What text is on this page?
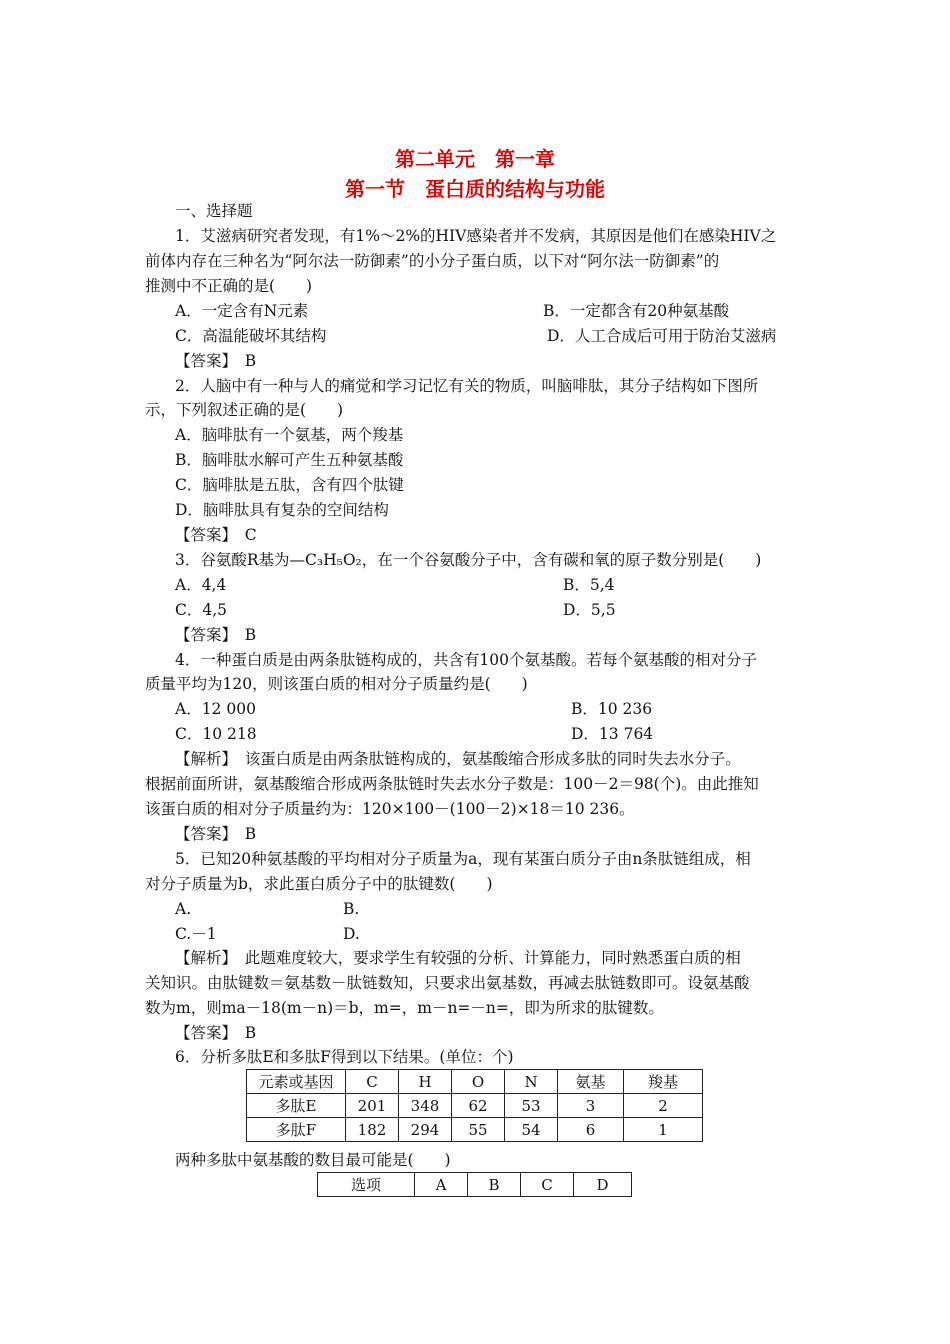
第二单元　第一章
第一节　蛋白质的结构与功能
一、选择题
1．艾滋病研究者发现，有1%～2%的HIV感染者并不发病，其原因是他们在感染HIV之
前体内存在三种名为“阿尔法一防御素”的小分子蛋白质，以下对“阿尔法一防御素”的
推测中不正确的是(　　)
A．一定含有N元素	B．一定都含有20种氨基酸
C．高温能破坏其结构	D．人工合成后可用于防治艾滋病
【答案】　B
2．人脑中有一种与人的痛觉和学习记忆有关的物质，叫脑啡肽，其分子结构如下图所
示，下列叙述正确的是(　　)
A．脑啡肽有一个氨基，两个羧基
B．脑啡肽水解可产生五种氨基酸
C．脑啡肽是五肽，含有四个肽键
D．脑啡肽具有复杂的空间结构
【答案】　C
3．谷氨酸R基为—C₃H₅O₂，在一个谷氨酸分子中，含有碳和氧的原子数分别是(　　)
A．4,4	B．5,4
C．4,5	D．5,5
【答案】　B
4．一种蛋白质是由两条肽链构成的，共含有100个氨基酸。若每个氨基酸的相对分子
质量平均为120，则该蛋白质的相对分子质量约是(　　)
A．12 000	B．10 236
C．10 218	D．13 764
【解析】　该蛋白质是由两条肽链构成的，氨基酸缩合形成多肽的同时失去水分子。
根据前面所讲，氨基酸缩合形成两条肽链时失去水分子数是：100－2＝98(个)。由此推知
该蛋白质的相对分子质量约为：120×100－(100－2)×18＝10 236。
【答案】　B
5．已知20种氨基酸的平均相对分子质量为a，现有某蛋白质分子由n条肽链组成，相
对分子质量为b，求此蛋白质分子中的肽键数(　　)
A.	B.
C.－1	D.
【解析】　此题难度较大，要求学生有较强的分析、计算能力，同时熟悉蛋白质的相
关知识。由肽键数＝氨基数－肽链数知，只要求出氨基数，再减去肽链数即可。设氨基酸
数为m，则ma－18(m－n)＝b，m=，m－n=－n=，即为所求的肽键数。
【答案】　B
6．分析多肽E和多肽F得到以下结果。(单位：个)
元素或基因	C	H	O	N	氨基	羧基
多肽E	201	348	62	53	3	2
多肽F	182	294	55	54	6	1
两种多肽中氨基酸的数目最可能是(　　)
选项	A	B	C	D
